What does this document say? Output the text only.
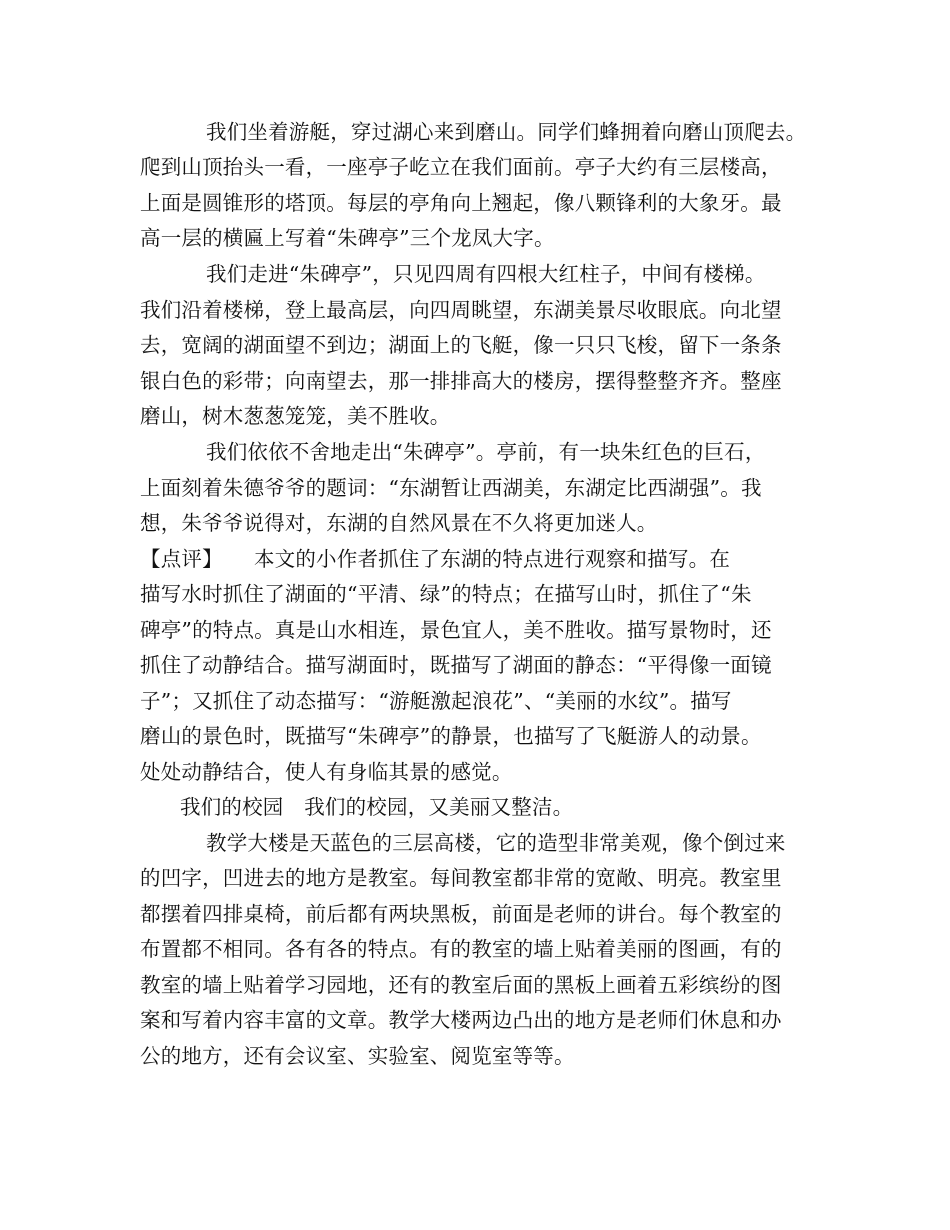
我们坐着游艇，穿过湖心来到磨山。同学们蜂拥着向磨山顶爬去。
爬到山顶抬头一看，一座亭子屹立在我们面前。亭子大约有三层楼高，
上面是圆锥形的塔顶。每层的亭角向上翘起，像八颗锋利的大象牙。最
高一层的横匾上写着“朱碑亭”三个龙凤大字。
我们走进“朱碑亭”，只见四周有四根大红柱子，中间有楼梯。
我们沿着楼梯，登上最高层，向四周眺望，东湖美景尽收眼底。向北望
去，宽阔的湖面望不到边；湖面上的飞艇，像一只只飞梭，留下一条条
银白色的彩带；向南望去，那一排排高大的楼房，摆得整整齐齐。整座
磨山，树木葱葱笼笼，美不胜收。
我们依依不舍地走出“朱碑亭”。亭前，有一块朱红色的巨石，
上面刻着朱德爷爷的题词：“东湖暂让西湖美，东湖定比西湖强”。我
想，朱爷爷说得对，东湖的自然风景在不久将更加迷人。
【点评】　　本文的小作者抓住了东湖的特点进行观察和描写。在
描写水时抓住了湖面的“平清、绿”的特点；在描写山时，抓住了“朱
碑亭”的特点。真是山水相连，景色宜人，美不胜收。描写景物时，还
抓住了动静结合。描写湖面时，既描写了湖面的静态：“平得像一面镜
子”；又抓住了动态描写：“游艇激起浪花”、“美丽的水纹”。描写
磨山的景色时，既描写“朱碑亭”的静景，也描写了飞艇游人的动景。
处处动静结合，使人有身临其景的感觉。
我们的校园　我们的校园，又美丽又整洁。
教学大楼是天蓝色的三层高楼，它的造型非常美观，像个倒过来
的凹字，凹进去的地方是教室。每间教室都非常的宽敞、明亮。教室里
都摆着四排桌椅，前后都有两块黑板，前面是老师的讲台。每个教室的
布置都不相同。各有各的特点。有的教室的墙上贴着美丽的图画，有的
教室的墙上贴着学习园地，还有的教室后面的黑板上画着五彩缤纷的图
案和写着内容丰富的文章。教学大楼两边凸出的地方是老师们休息和办
公的地方，还有会议室、实验室、阅览室等等。
